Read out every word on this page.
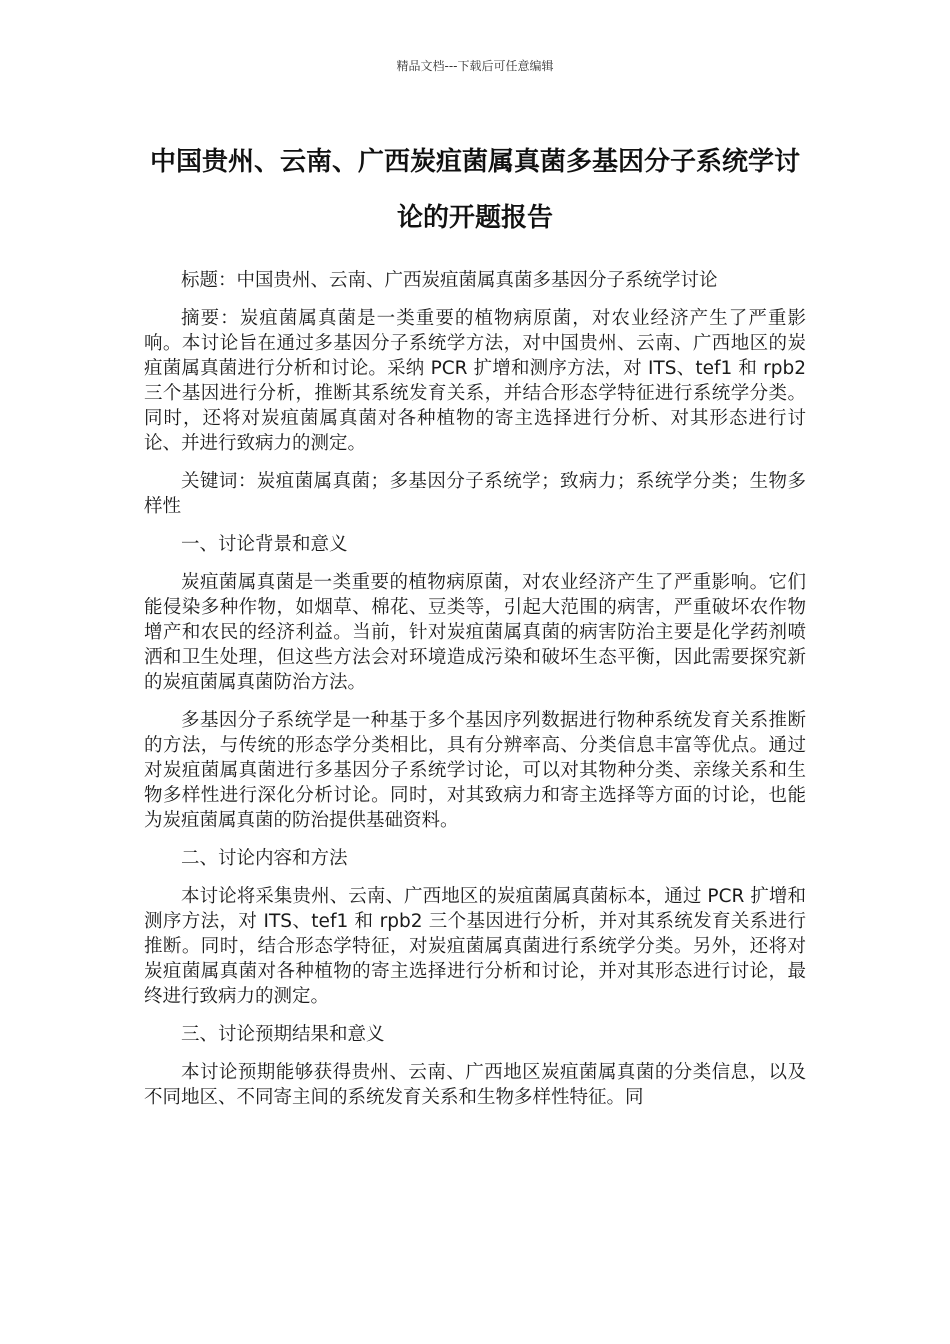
精品文档---下载后可任意编辑
中国贵州、云南、广西炭疽菌属真菌多基因分子系统学讨论的开题报告

标题：中国贵州、云南、广西炭疽菌属真菌多基因分子系统学讨论

摘要：炭疽菌属真菌是一类重要的植物病原菌，对农业经济产生了严重影响。本讨论旨在通过多基因分子系统学方法，对中国贵州、云南、广西地区的炭疽菌属真菌进行分析和讨论。采纳 PCR 扩增和测序方法，对 ITS、tef1 和 rpb2 三个基因进行分析，推断其系统发育关系，并结合形态学特征进行系统学分类。同时，还将对炭疽菌属真菌对各种植物的寄主选择进行分析、对其形态进行讨论、并进行致病力的测定。

关键词：炭疽菌属真菌；多基因分子系统学；致病力；系统学分类；生物多样性

一、讨论背景和意义

炭疽菌属真菌是一类重要的植物病原菌，对农业经济产生了严重影响。它们能侵染多种作物，如烟草、棉花、豆类等，引起大范围的病害，严重破坏农作物增产和农民的经济利益。当前，针对炭疽菌属真菌的病害防治主要是化学药剂喷洒和卫生处理，但这些方法会对环境造成污染和破坏生态平衡，因此需要探究新的炭疽菌属真菌防治方法。

多基因分子系统学是一种基于多个基因序列数据进行物种系统发育关系推断的方法，与传统的形态学分类相比，具有分辨率高、分类信息丰富等优点。通过对炭疽菌属真菌进行多基因分子系统学讨论，可以对其物种分类、亲缘关系和生物多样性进行深化分析讨论。同时，对其致病力和寄主选择等方面的讨论，也能为炭疽菌属真菌的防治提供基础资料。

二、讨论内容和方法

本讨论将采集贵州、云南、广西地区的炭疽菌属真菌标本，通过 PCR 扩增和测序方法，对 ITS、tef1 和 rpb2 三个基因进行分析，并对其系统发育关系进行推断。同时，结合形态学特征，对炭疽菌属真菌进行系统学分类。另外，还将对炭疽菌属真菌对各种植物的寄主选择进行分析和讨论，并对其形态进行讨论，最终进行致病力的测定。

三、讨论预期结果和意义

本讨论预期能够获得贵州、云南、广西地区炭疽菌属真菌的分类信息，以及不同地区、不同寄主间的系统发育关系和生物多样性特征。同
